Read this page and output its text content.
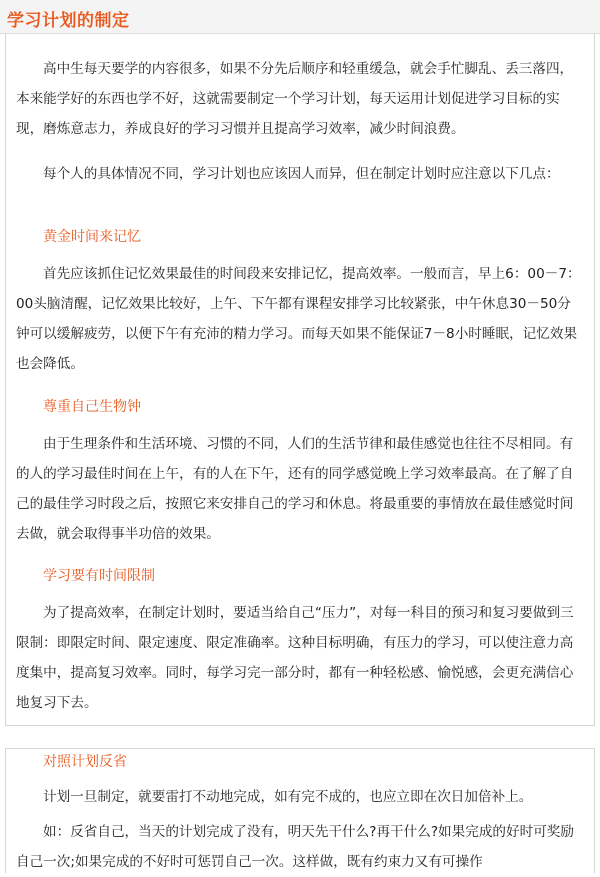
学习计划的制定

高中生每天要学的内容很多，如果不分先后顺序和轻重缓急，就会手忙脚乱、丢三落四，本来能学好的东西也学不好，这就需要制定一个学习计划，每天运用计划促进学习目标的实现，磨炼意志力，养成良好的学习习惯并且提高学习效率，减少时间浪费。

每个人的具体情况不同，学习计划也应该因人而异，但在制定计划时应注意以下几点：

黄金时间来记忆

首先应该抓住记忆效果最佳的时间段来安排记忆，提高效率。一般而言，早上6：00－7：00头脑清醒，记忆效果比较好，上午、下午都有课程安排学习比较紧张，中午休息30－50分钟可以缓解疲劳，以便下午有充沛的精力学习。而每天如果不能保证7－8小时睡眠，记忆效果也会降低。

尊重自己生物钟

由于生理条件和生活环境、习惯的不同，人们的生活节律和最佳感觉也往往不尽相同。有的人的学习最佳时间在上午，有的人在下午，还有的同学感觉晚上学习效率最高。在了解了自己的最佳学习时段之后，按照它来安排自己的学习和休息。将最重要的事情放在最佳感觉时间去做，就会取得事半功倍的效果。

学习要有时间限制

为了提高效率，在制定计划时，要适当给自己“压力”，对每一科目的预习和复习要做到三限制：即限定时间、限定速度、限定准确率。这种目标明确，有压力的学习，可以使注意力高度集中，提高复习效率。同时，每学习完一部分时，都有一种轻松感、愉悦感，会更充满信心地复习下去。

对照计划反省

计划一旦制定，就要雷打不动地完成，如有完不成的，也应立即在次日加倍补上。

如：反省自己，当天的计划完成了没有，明天先干什么?再干什么?如果完成的好时可奖励自己一次;如果完成的不好时可惩罚自己一次。这样做，既有约束力又有可操作
